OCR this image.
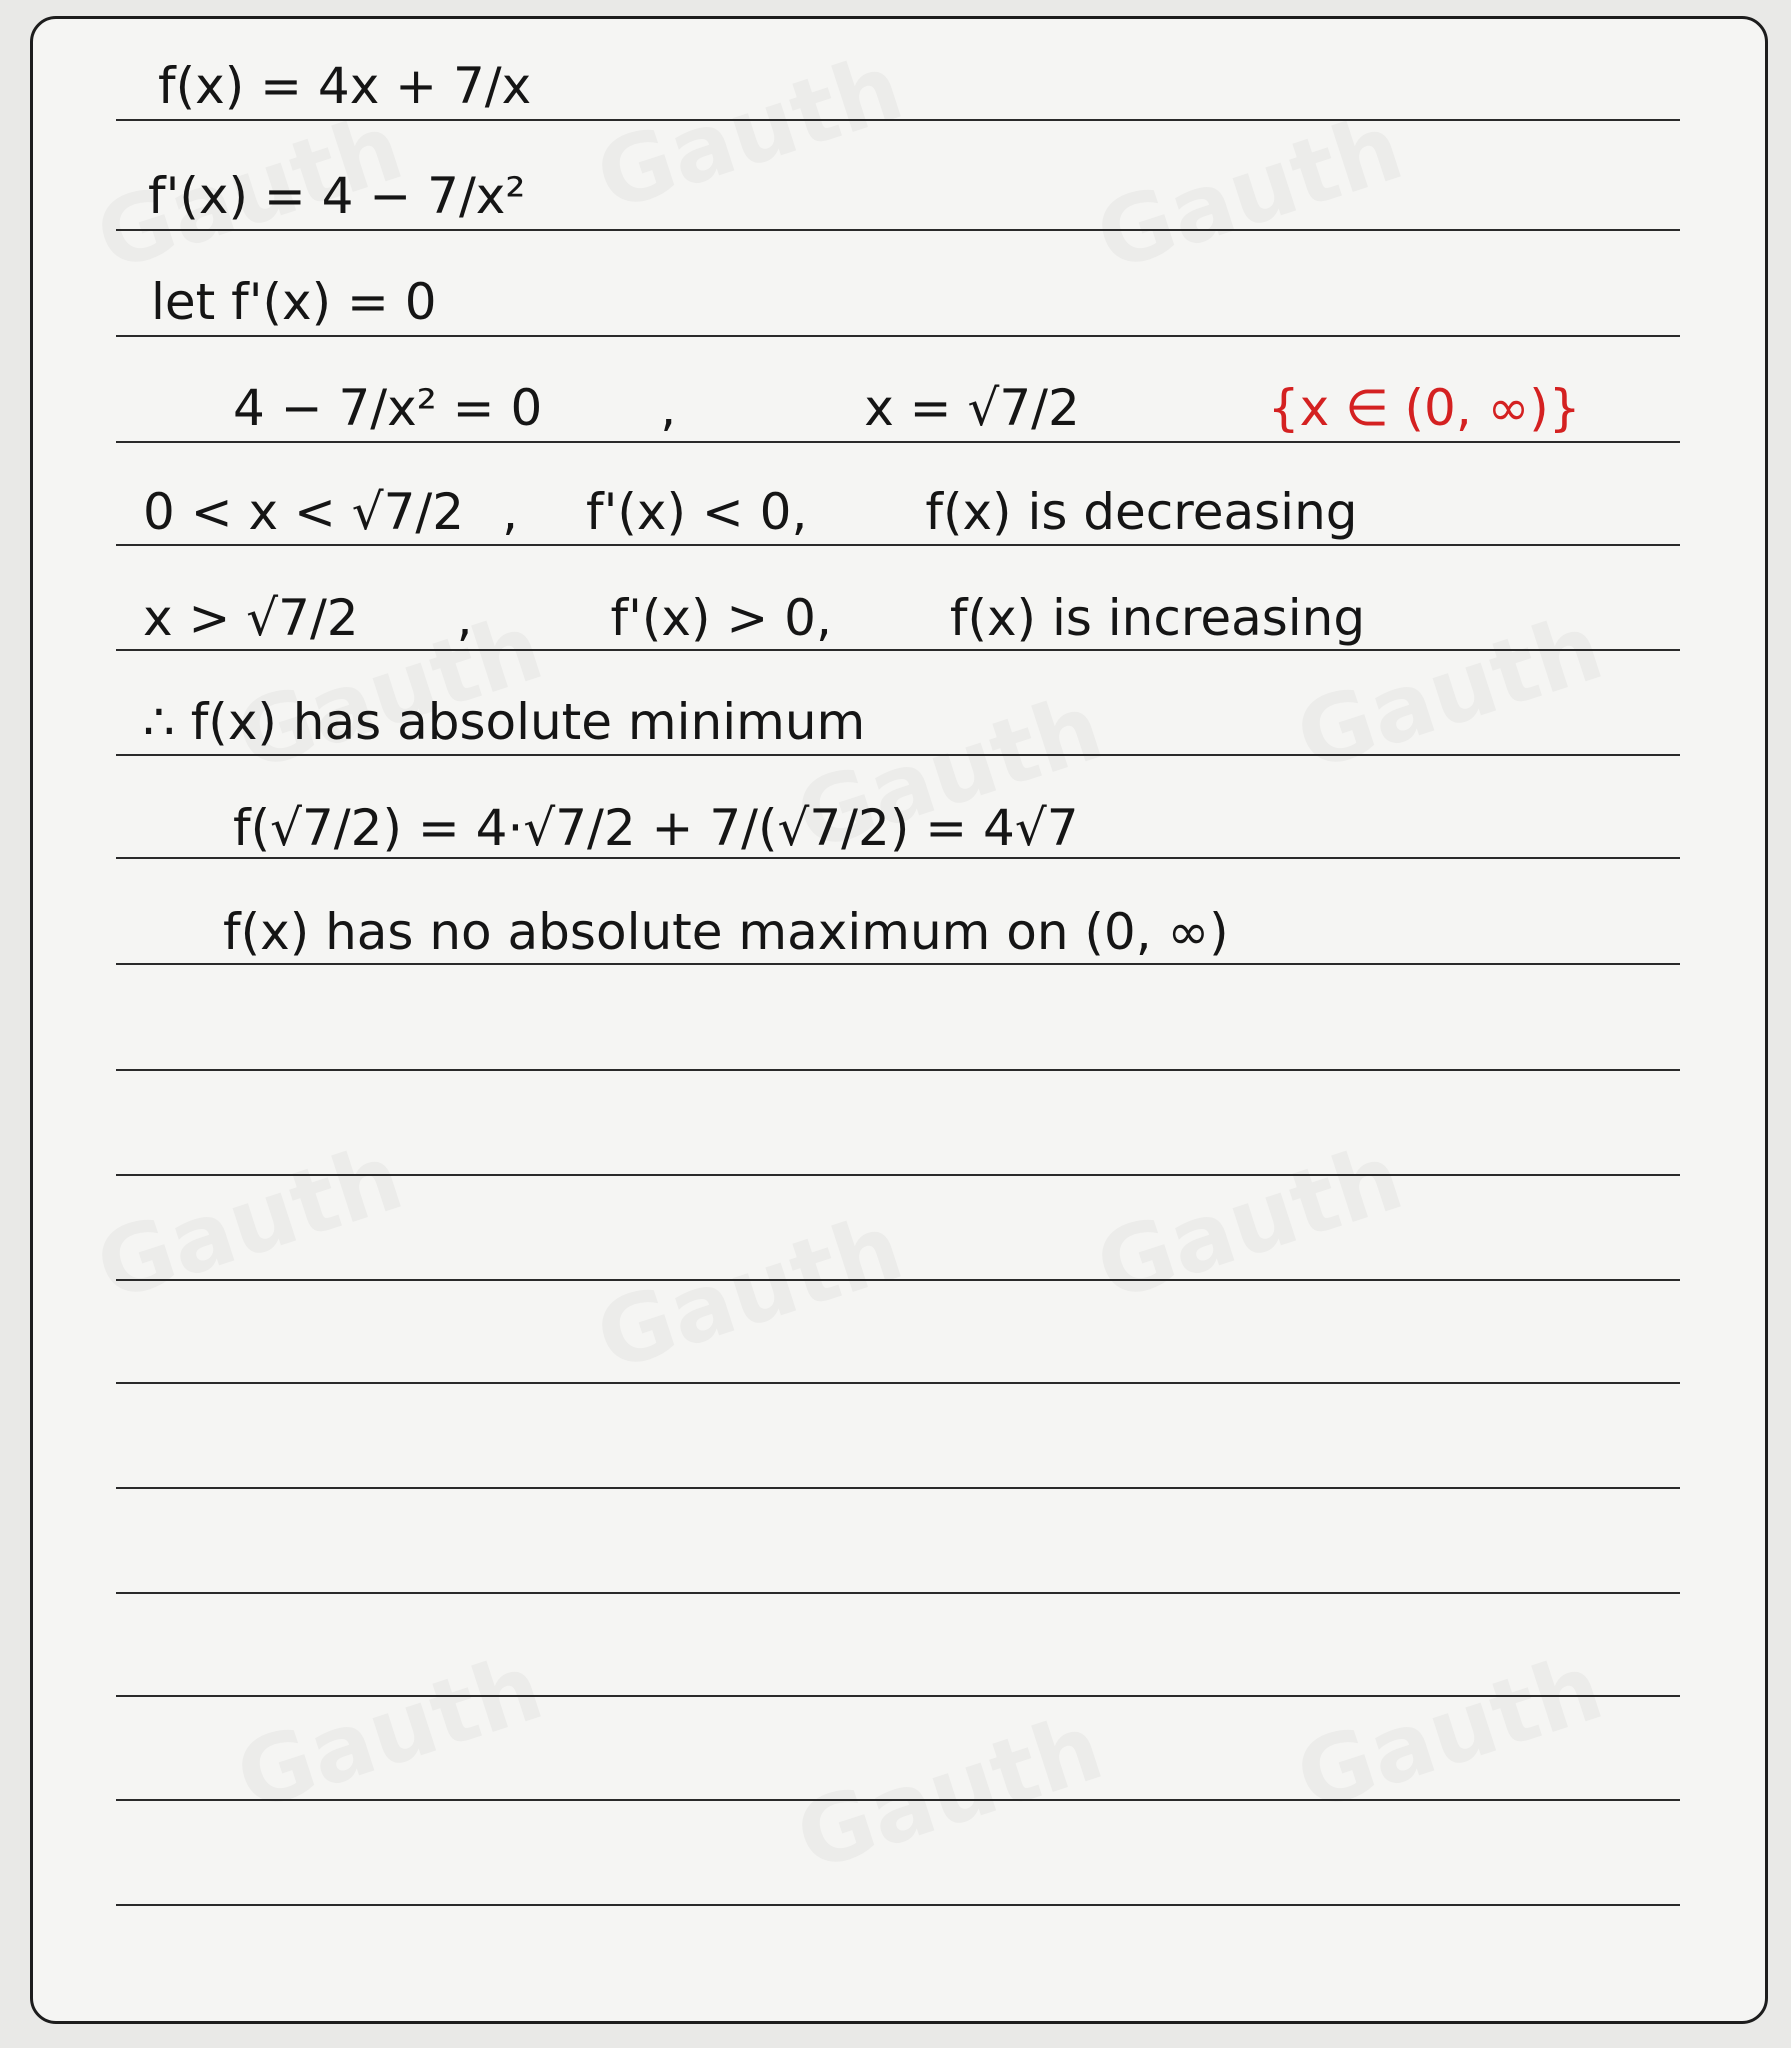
f(x) = 4x + 7/x
f'(x) = 4 − 7/x²
let f'(x) = 0
4 − 7/x² = 0 ,	x = √7/2	{x ∈ (0, ∞)}
0 < x < √7/2 , f'(x) < 0, f(x) is decreasing
x > √7/2 ,	f'(x) > 0, f(x) is increasing
∴ f(x) has absolute minimum
f(√7/2) = 4·√7/2 + 7/(√7/2) = 4√7
f(x) has no absolute maximum on (0, ∞)
